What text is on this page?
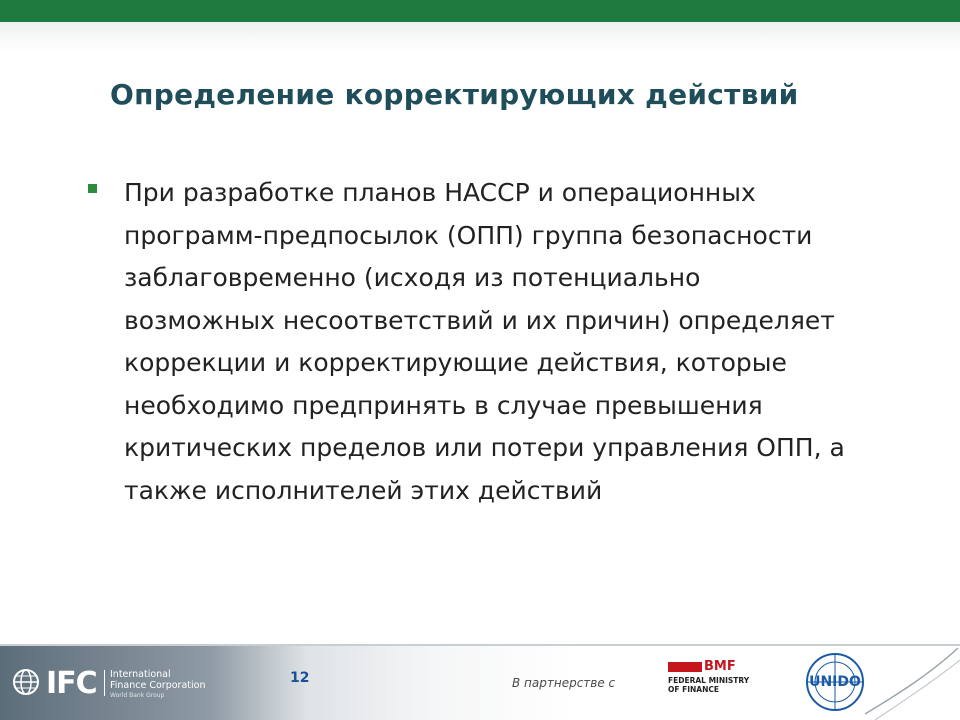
Определение корректирующих действий

При разработке планов HACCP и операционных программ-предпосылок (ОПП) группа безопасности заблаговременно (исходя из потенциально возможных несоответствий и их причин) определяет коррекции и корректирующие действия, которые необходимо предпринять в случае превышения критических пределов или потери управления ОПП, а также исполнителей этих действий

IFC International
Finance Corporation
World Bank Group
12	В партнерстве с
BMF
FEDERAL MINISTRY
OF FINANCE	UNIDO
